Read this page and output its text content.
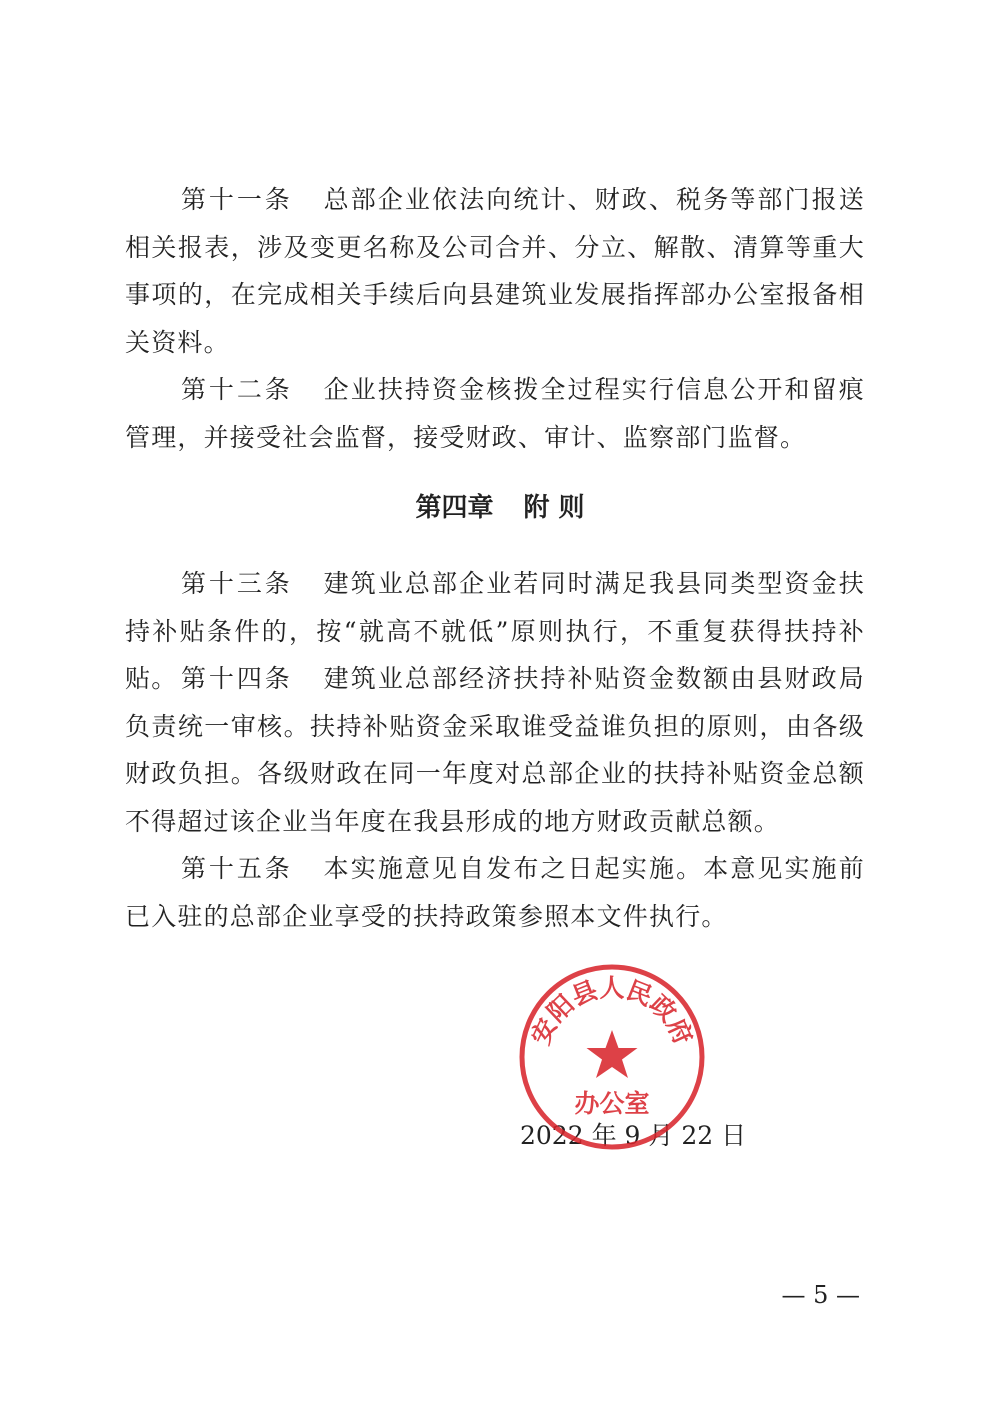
第十一条 总部企业依法向统计、财政、税务等部门报送相关报表，涉及变更名称及公司合并、分立、解散、清算等重大事项的，在完成相关手续后向县建筑业发展指挥部办公室报备相关资料。

第十二条 企业扶持资金核拨全过程实行信息公开和留痕管理，并接受社会监督，接受财政、审计、监察部门监督。

第四章 附 则

第十三条 建筑业总部企业若同时满足我县同类型资金扶持补贴条件的，按“就高不就低”原则执行，不重复获得扶持补贴。 第十四条 建筑业总部经济扶持补贴资金数额由县财政局负责统一审核。扶持补贴资金采取谁受益谁负担的原则，由各级财政负担。各级财政在同一年度对总部企业的扶持补贴资金总额不得超过该企业当年度在我县形成的地方财政贡献总额。

第十五条 本实施意见自发布之日起实施。本意见实施前已入驻的总部企业享受的扶持政策参照本文件执行。

2022 年 9 月 22 日

安阳县人民政府
办公室

— 5 —
